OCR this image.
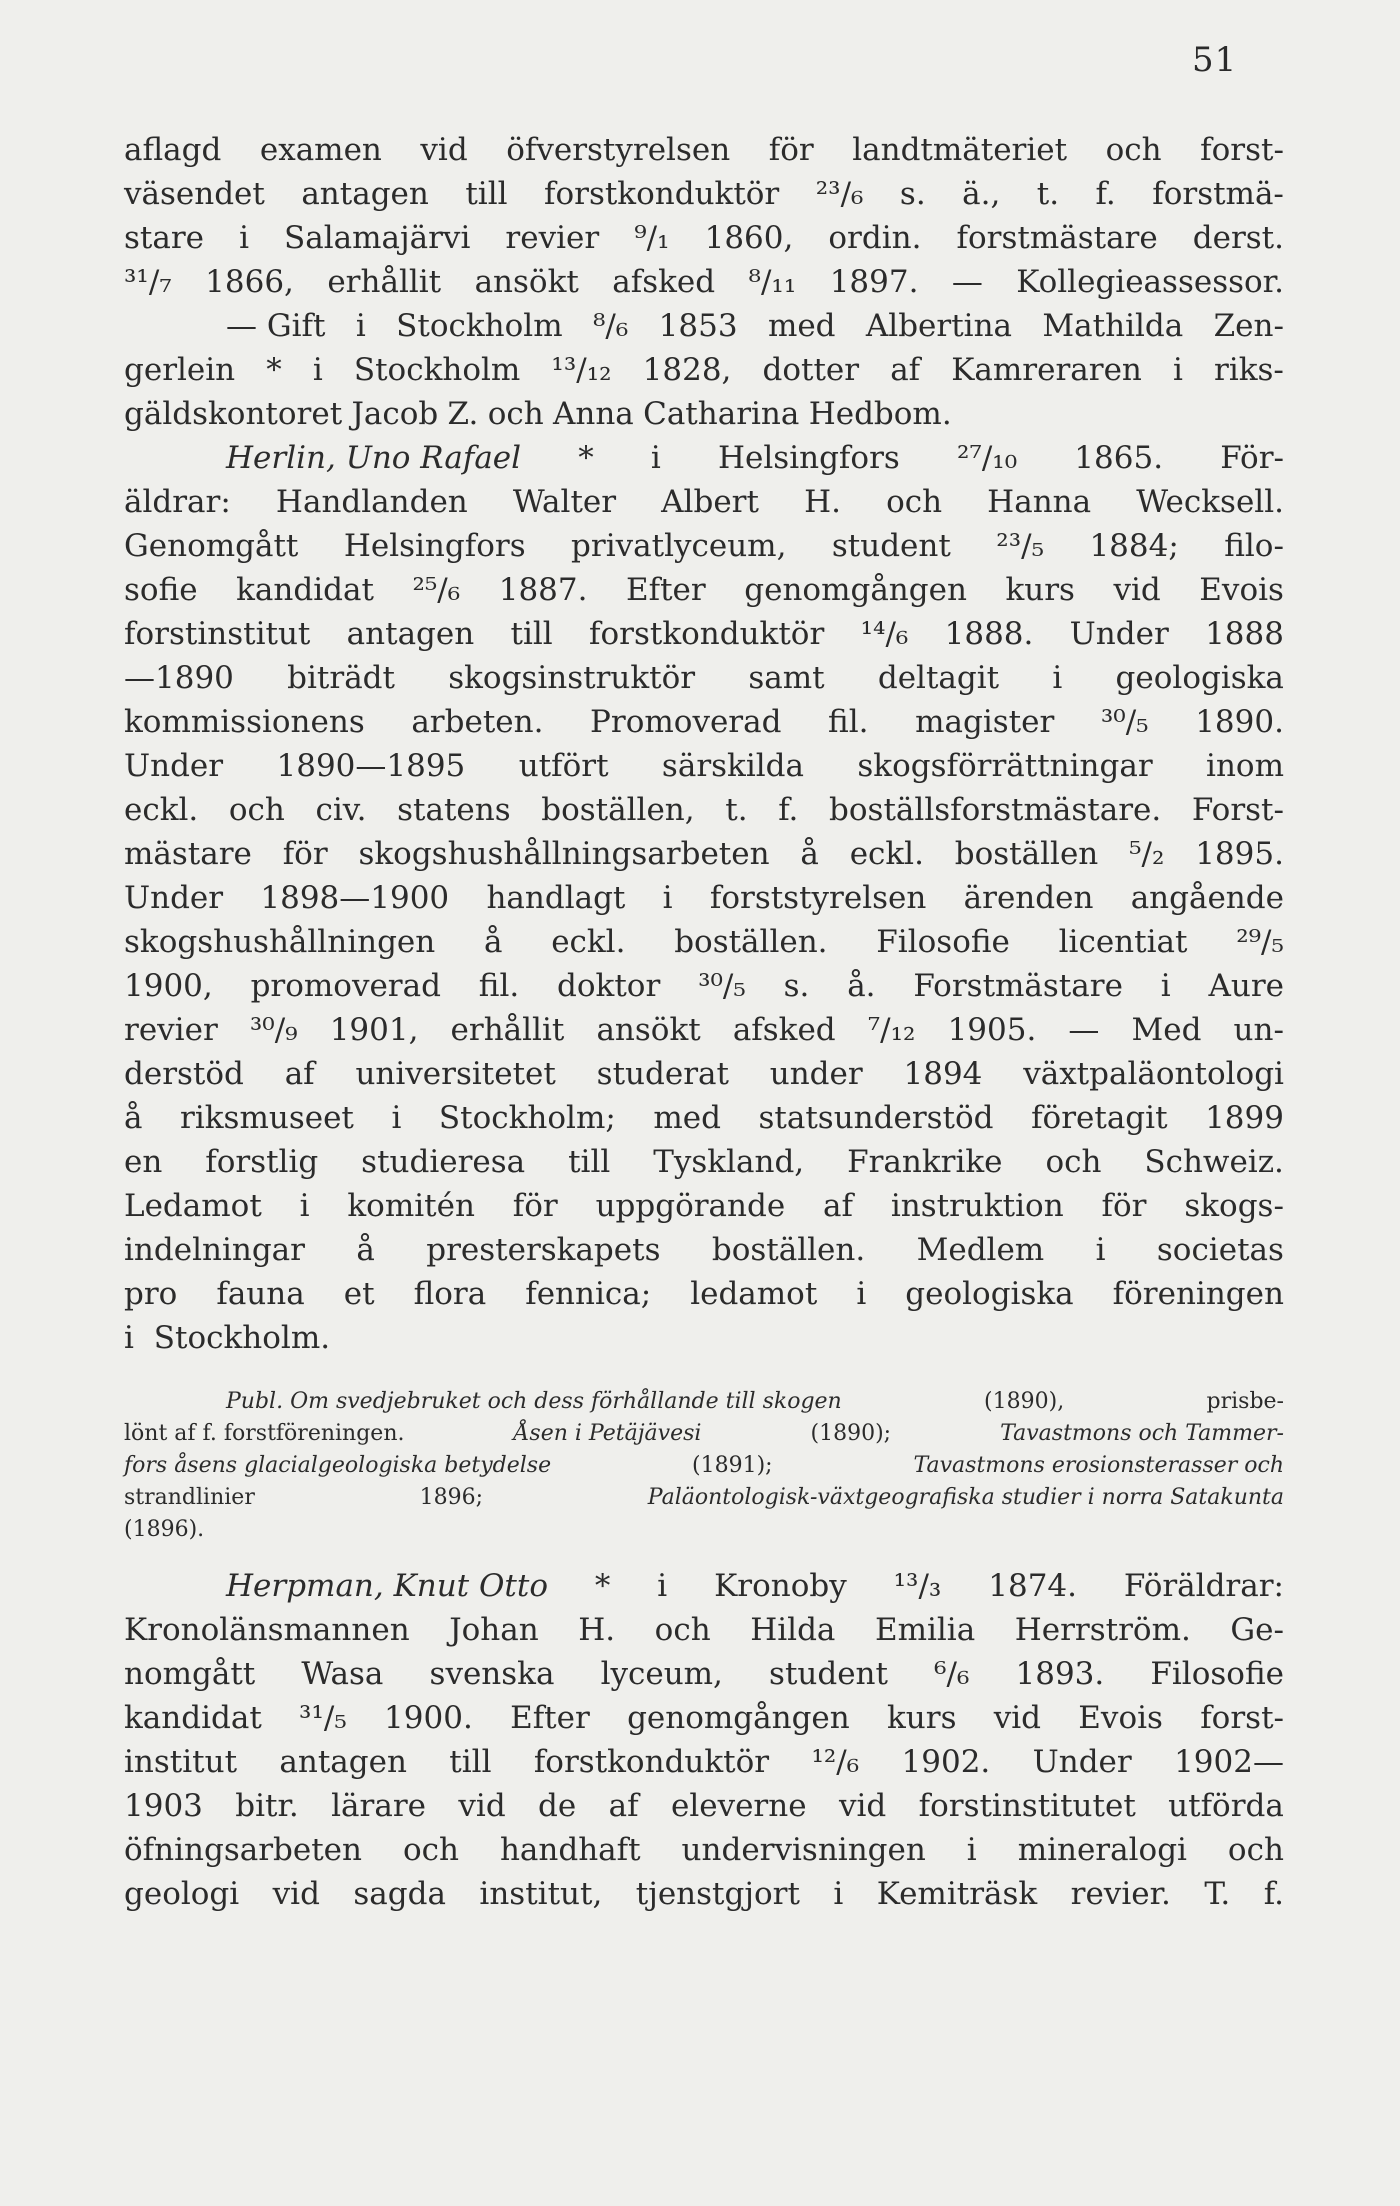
51
aflagd examen vid öfverstyrelsen för landtmäteriet och forst-
väsendet antagen till forstkonduktör ²³/₆ s. ä., t. f. forstmä-
stare i Salamajärvi revier ⁹/₁ 1860, ordin. forstmästare derst.
³¹/₇ 1866, erhållit ansökt afsked ⁸/₁₁ 1897. — Kollegieassessor.
— Gift i Stockholm ⁸/₆ 1853 med Albertina Mathilda Zen-
gerlein * i Stockholm ¹³/₁₂ 1828, dotter af Kamreraren i riks-
gäldskontoret Jacob Z. och Anna Catharina Hedbom.
Herlin, Uno Rafael * i Helsingfors ²⁷/₁₀ 1865. För-
äldrar: Handlanden Walter Albert H. och Hanna Wecksell.
Genomgått Helsingfors privatlyceum, student ²³/₅ 1884; filo-
sofie kandidat ²⁵/₆ 1887. Efter genomgången kurs vid Evois
forstinstitut antagen till forstkonduktör ¹⁴/₆ 1888. Under 1888
—1890 biträdt skogsinstruktör samt deltagit i geologiska
kommissionens arbeten. Promoverad fil. magister ³⁰/₅ 1890.
Under 1890—1895 utfört särskilda skogsförrättningar inom
eckl. och civ. statens boställen, t. f. boställsforstmästare. Forst-
mästare för skogshushållningsarbeten å eckl. boställen ⁵/₂ 1895.
Under 1898—1900 handlagt i forststyrelsen ärenden angående
skogshushållningen å eckl. boställen. Filosofie licentiat ²⁹/₅
1900, promoverad fil. doktor ³⁰/₅ s. å. Forstmästare i Aure
revier ³⁰/₉ 1901, erhållit ansökt afsked ⁷/₁₂ 1905. — Med un-
derstöd af universitetet studerat under 1894 växtpaläontologi
å riksmuseet i Stockholm; med statsunderstöd företagit 1899
en forstlig studieresa till Tyskland, Frankrike och Schweiz.
Ledamot i komitén för uppgörande af instruktion för skogs-
indelningar å presterskapets boställen. Medlem i societas
pro fauna et flora fennica; ledamot i geologiska föreningen
i Stockholm.
Publ. Om svedjebruket och dess förhållande till skogen	(1890),	prisbe-
lönt af f. forstföreningen.	Åsen i Petäjävesi	(1890);	Tavastmons och Tammer-
fors åsens glacialgeologiska betydelse	(1891);	Tavastmons erosionsterasser och
strandlinier	1896;	Paläontologisk-växtgeografiska studier i norra Satakunta
(1896).
Herpman, Knut Otto * i Kronoby ¹³/₃ 1874. Föräldrar:
Kronolänsmannen Johan H. och Hilda Emilia Herrström. Ge-
nomgått Wasa svenska lyceum, student ⁶/₆ 1893. Filosofie
kandidat ³¹/₅ 1900. Efter genomgången kurs vid Evois forst-
institut antagen till forstkonduktör ¹²/₆ 1902. Under 1902—
1903 bitr. lärare vid de af eleverne vid forstinstitutet utförda
öfningsarbeten och handhaft undervisningen i mineralogi och
geologi vid sagda institut, tjenstgjort i Kemiträsk revier. T. f.
